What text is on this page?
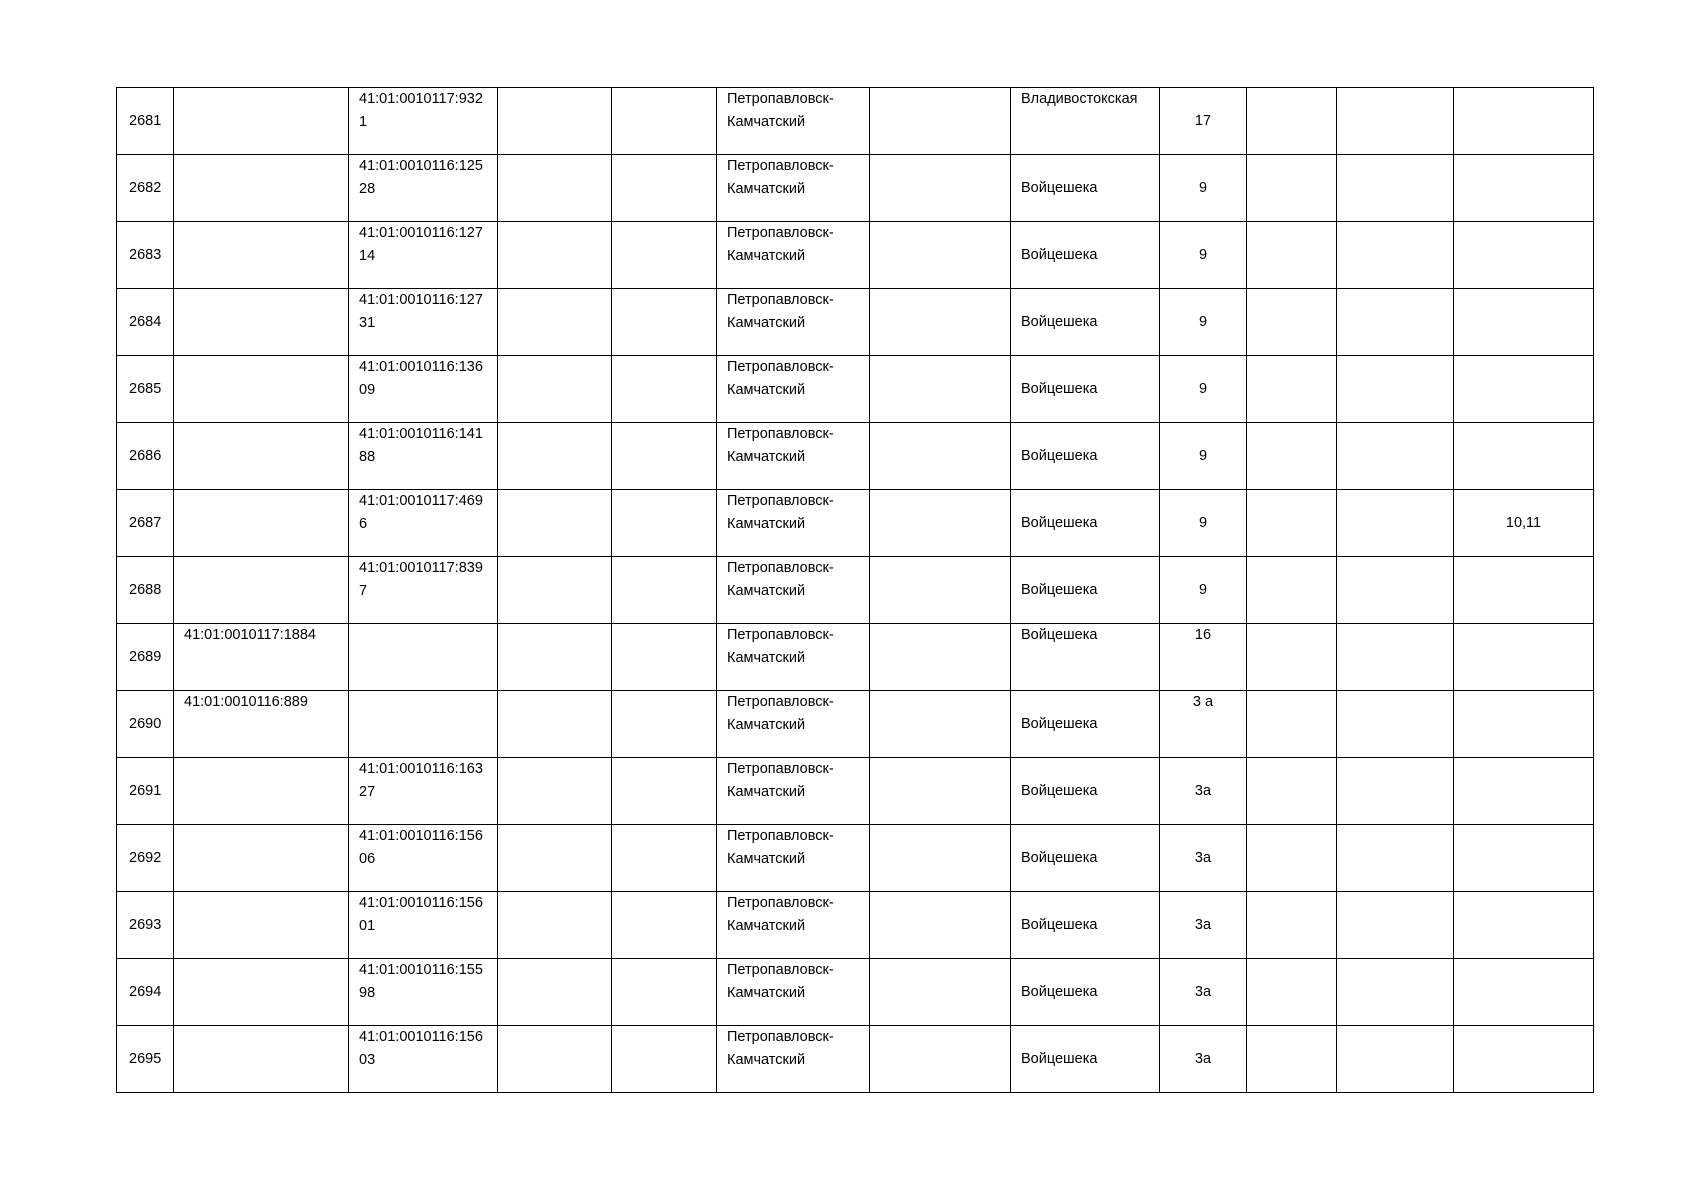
2681		41:01:0010117:9321			Петропавловск-Камчатский		Владивостокская	17			

2682		41:01:0010116:12528			Петропавловск-Камчатский		Войцешека	9			

2683		41:01:0010116:12714			Петропавловск-Камчатский		Войцешека	9			

2684		41:01:0010116:12731			Петропавловск-Камчатский		Войцешека	9			

2685		41:01:0010116:13609			Петропавловск-Камчатский		Войцешека	9			

2686		41:01:0010116:14188			Петропавловск-Камчатский		Войцешека	9			

2687		41:01:0010117:4696			Петропавловск-Камчатский		Войцешека	9			10,11

2688		41:01:0010117:8397			Петропавловск-Камчатский		Войцешека	9			

2689	41:01:0010117:1884				Петропавловск-Камчатский		Войцешека	16			

2690	41:01:0010116:889				Петропавловск-Камчатский		Войцешека	3 а			

2691		41:01:0010116:16327			Петропавловск-Камчатский		Войцешека	3а			

2692		41:01:0010116:15606			Петропавловск-Камчатский		Войцешека	3а			

2693		41:01:0010116:15601			Петропавловск-Камчатский		Войцешека	3а			

2694		41:01:0010116:15598			Петропавловск-Камчатский		Войцешека	3а			

2695		41:01:0010116:15603			Петропавловск-Камчатский		Войцешека	3а			
